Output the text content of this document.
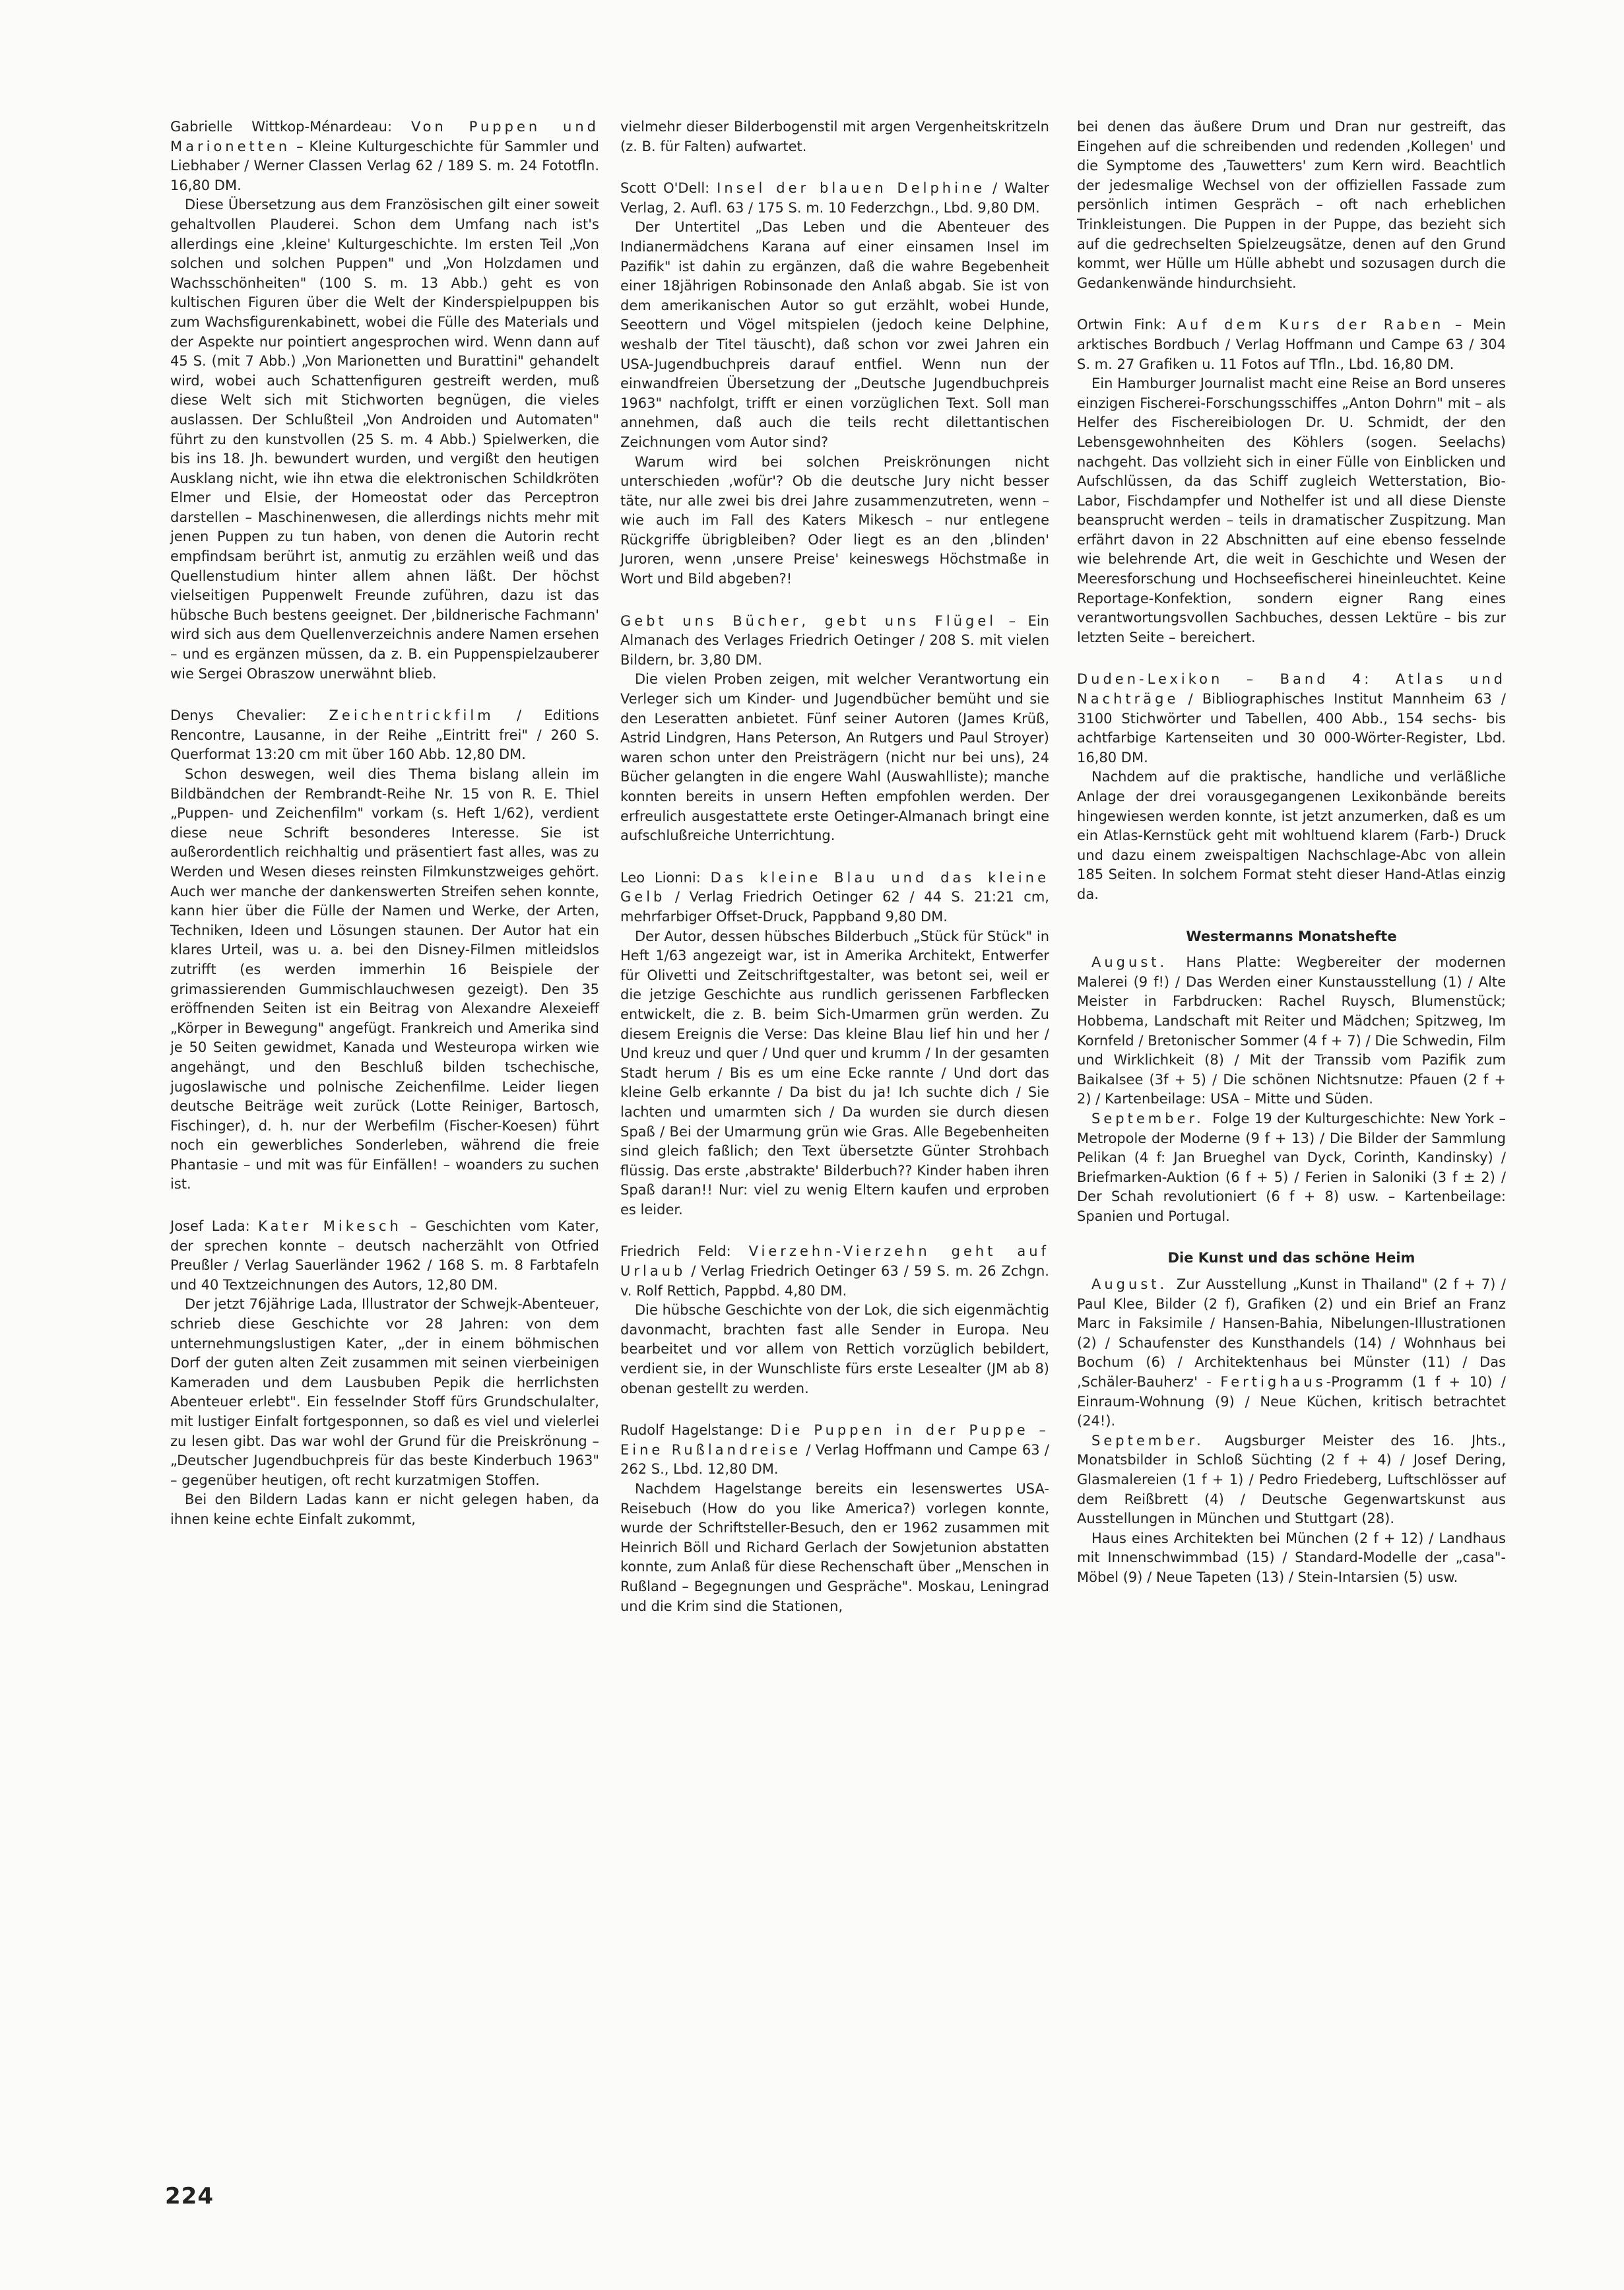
Gabrielle Wittkop-Ménardeau: Von Puppen und Marionetten – Kleine Kulturgeschichte für Sammler und Liebhaber / Werner Classen Verlag 62 / 189 S. m. 24 Fototfln. 16,80 DM.

Diese Übersetzung aus dem Französischen gilt einer soweit gehaltvollen Plauderei. Schon dem Umfang nach ist's allerdings eine ‚kleine' Kulturgeschichte. Im ersten Teil „Von solchen und solchen Puppen" und „Von Holzdamen und Wachsschönheiten" (100 S. m. 13 Abb.) geht es von kultischen Figuren über die Welt der Kinderspielpuppen bis zum Wachsfigurenkabinett, wobei die Fülle des Materials und der Aspekte nur pointiert angesprochen wird. Wenn dann auf 45 S. (mit 7 Abb.) „Von Marionetten und Burattini" gehandelt wird, wobei auch Schattenfiguren gestreift werden, muß diese Welt sich mit Stichworten begnügen, die vieles auslassen. Der Schlußteil „Von Androiden und Automaten" führt zu den kunstvollen (25 S. m. 4 Abb.) Spielwerken, die bis ins 18. Jh. bewundert wurden, und vergißt den heutigen Ausklang nicht, wie ihn etwa die elektronischen Schildkröten Elmer und Elsie, der Homeostat oder das Perceptron darstellen – Maschinenwesen, die allerdings nichts mehr mit jenen Puppen zu tun haben, von denen die Autorin recht empfindsam berührt ist, anmutig zu erzählen weiß und das Quellenstudium hinter allem ahnen läßt. Der höchst vielseitigen Puppenwelt Freunde zuführen, dazu ist das hübsche Buch bestens geeignet. Der ‚bildnerische Fachmann' wird sich aus dem Quellenverzeichnis andere Namen ersehen – und es ergänzen müssen, da z. B. ein Puppenspielzauberer wie Sergei Obraszow unerwähnt blieb.

Denys Chevalier: Zeichentrickfilm / Editions Rencontre, Lausanne, in der Reihe „Eintritt frei" / 260 S. Querformat 13:20 cm mit über 160 Abb. 12,80 DM.

Schon deswegen, weil dies Thema bislang allein im Bildbändchen der Rembrandt-Reihe Nr. 15 von R. E. Thiel „Puppen- und Zeichenfilm" vorkam (s. Heft 1/62), verdient diese neue Schrift besonderes Interesse. Sie ist außerordentlich reichhaltig und präsentiert fast alles, was zu Werden und Wesen dieses reinsten Filmkunstzweiges gehört. Auch wer manche der dankenswerten Streifen sehen konnte, kann hier über die Fülle der Namen und Werke, der Arten, Techniken, Ideen und Lösungen staunen. Der Autor hat ein klares Urteil, was u. a. bei den Disney-Filmen mitleidslos zutrifft (es werden immerhin 16 Beispiele der grimassierenden Gummischlauchwesen gezeigt). Den 35 eröffnenden Seiten ist ein Beitrag von Alexandre Alexeieff „Körper in Bewegung" angefügt. Frankreich und Amerika sind je 50 Seiten gewidmet, Kanada und Westeuropa wirken wie angehängt, und den Beschluß bilden tschechische, jugoslawische und polnische Zeichenfilme. Leider liegen deutsche Beiträge weit zurück (Lotte Reiniger, Bartosch, Fischinger), d. h. nur der Werbefilm (Fischer-Koesen) führt noch ein gewerbliches Sonderleben, während die freie Phantasie – und mit was für Einfällen! – woanders zu suchen ist.

Josef Lada: Kater Mikesch – Geschichten vom Kater, der sprechen konnte – deutsch nacherzählt von Otfried Preußler / Verlag Sauerländer 1962 / 168 S. m. 8 Farbtafeln und 40 Textzeichnungen des Autors, 12,80 DM.

Der jetzt 76jährige Lada, Illustrator der Schwejk-Abenteuer, schrieb diese Geschichte vor 28 Jahren: von dem unternehmungslustigen Kater, „der in einem böhmischen Dorf der guten alten Zeit zusammen mit seinen vierbeinigen Kameraden und dem Lausbuben Pepik die herrlichsten Abenteuer erlebt". Ein fesselnder Stoff fürs Grundschulalter, mit lustiger Einfalt fortgesponnen, so daß es viel und vielerlei zu lesen gibt. Das war wohl der Grund für die Preiskrönung – „Deutscher Jugendbuchpreis für das beste Kinderbuch 1963" – gegenüber heutigen, oft recht kurzatmigen Stoffen.

Bei den Bildern Ladas kann er nicht gelegen haben, da ihnen keine echte Einfalt zukommt,

vielmehr dieser Bilderbogenstil mit argen Vergenheitskritzeln (z. B. für Falten) aufwartet.

Scott O'Dell: Insel der blauen Delphine / Walter Verlag, 2. Aufl. 63 / 175 S. m. 10 Federzchgn., Lbd. 9,80 DM.

Der Untertitel „Das Leben und die Abenteuer des Indianermädchens Karana auf einer einsamen Insel im Pazifik" ist dahin zu ergänzen, daß die wahre Begebenheit einer 18jährigen Robinsonade den Anlaß abgab. Sie ist von dem amerikanischen Autor so gut erzählt, wobei Hunde, Seeottern und Vögel mitspielen (jedoch keine Delphine, weshalb der Titel täuscht), daß schon vor zwei Jahren ein USA-Jugendbuchpreis darauf entfiel. Wenn nun der einwandfreien Übersetzung der „Deutsche Jugendbuchpreis 1963" nachfolgt, trifft er einen vorzüglichen Text. Soll man annehmen, daß auch die teils recht dilettantischen Zeichnungen vom Autor sind?

Warum wird bei solchen Preiskrönungen nicht unterschieden ‚wofür'? Ob die deutsche Jury nicht besser täte, nur alle zwei bis drei Jahre zusammenzutreten, wenn – wie auch im Fall des Katers Mikesch – nur entlegene Rückgriffe übrigbleiben? Oder liegt es an den ‚blinden' Juroren, wenn ‚unsere Preise' keineswegs Höchstmaße in Wort und Bild abgeben?!

Gebt uns Bücher, gebt uns Flügel – Ein Almanach des Verlages Friedrich Oetinger / 208 S. mit vielen Bildern, br. 3,80 DM.

Die vielen Proben zeigen, mit welcher Verantwortung ein Verleger sich um Kinder- und Jugendbücher bemüht und sie den Leseratten anbietet. Fünf seiner Autoren (James Krüß, Astrid Lindgren, Hans Peterson, An Rutgers und Paul Stroyer) waren schon unter den Preisträgern (nicht nur bei uns), 24 Bücher gelangten in die engere Wahl (Auswahlliste); manche konnten bereits in unsern Heften empfohlen werden. Der erfreulich ausgestattete erste Oetinger-Almanach bringt eine aufschlußreiche Unterrichtung.

Leo Lionni: Das kleine Blau und das kleine Gelb / Verlag Friedrich Oetinger 62 / 44 S. 21:21 cm, mehrfarbiger Offset-Druck, Pappband 9,80 DM.

Der Autor, dessen hübsches Bilderbuch „Stück für Stück" in Heft 1/63 angezeigt war, ist in Amerika Architekt, Entwerfer für Olivetti und Zeitschriftgestalter, was betont sei, weil er die jetzige Geschichte aus rundlich gerissenen Farbflecken entwickelt, die z. B. beim Sich-Umarmen grün werden. Zu diesem Ereignis die Verse: Das kleine Blau lief hin und her / Und kreuz und quer / Und quer und krumm / In der gesamten Stadt herum / Bis es um eine Ecke rannte / Und dort das kleine Gelb erkannte / Da bist du ja! Ich suchte dich / Sie lachten und umarmten sich / Da wurden sie durch diesen Spaß / Bei der Umarmung grün wie Gras. Alle Begebenheiten sind gleich faßlich; den Text übersetzte Günter Strohbach flüssig. Das erste ‚abstrakte' Bilderbuch?? Kinder haben ihren Spaß daran!! Nur: viel zu wenig Eltern kaufen und erproben es leider.

Friedrich Feld: Vierzehn-Vierzehn geht auf Urlaub / Verlag Friedrich Oetinger 63 / 59 S. m. 26 Zchgn. v. Rolf Rettich, Pappbd. 4,80 DM.

Die hübsche Geschichte von der Lok, die sich eigenmächtig davonmacht, brachten fast alle Sender in Europa. Neu bearbeitet und vor allem von Rettich vorzüglich bebildert, verdient sie, in der Wunschliste fürs erste Lesealter (JM ab 8) obenan gestellt zu werden.

Rudolf Hagelstange: Die Puppen in der Puppe – Eine Rußlandreise / Verlag Hoffmann und Campe 63 / 262 S., Lbd. 12,80 DM.

Nachdem Hagelstange bereits ein lesenswertes USA-Reisebuch (How do you like America?) vorlegen konnte, wurde der Schriftsteller-Besuch, den er 1962 zusammen mit Heinrich Böll und Richard Gerlach der Sowjetunion abstatten konnte, zum Anlaß für diese Rechenschaft über „Menschen in Rußland – Begegnungen und Gespräche". Moskau, Leningrad und die Krim sind die Stationen,

bei denen das äußere Drum und Dran nur gestreift, das Eingehen auf die schreibenden und redenden ‚Kollegen' und die Symptome des ‚Tauwetters' zum Kern wird. Beachtlich der jedesmalige Wechsel von der offiziellen Fassade zum persönlich intimen Gespräch – oft nach erheblichen Trinkleistungen. Die Puppen in der Puppe, das bezieht sich auf die gedrechselten Spielzeugsätze, denen auf den Grund kommt, wer Hülle um Hülle abhebt und sozusagen durch die Gedankenwände hindurchsieht.

Ortwin Fink: Auf dem Kurs der Raben – Mein arktisches Bordbuch / Verlag Hoffmann und Campe 63 / 304 S. m. 27 Grafiken u. 11 Fotos auf Tfln., Lbd. 16,80 DM.

Ein Hamburger Journalist macht eine Reise an Bord unseres einzigen Fischerei-Forschungsschiffes „Anton Dohrn" mit – als Helfer des Fischereibiologen Dr. U. Schmidt, der den Lebensgewohnheiten des Köhlers (sogen. Seelachs) nachgeht. Das vollzieht sich in einer Fülle von Einblicken und Aufschlüssen, da das Schiff zugleich Wetterstation, Bio-Labor, Fischdampfer und Nothelfer ist und all diese Dienste beansprucht werden – teils in dramatischer Zuspitzung. Man erfährt davon in 22 Abschnitten auf eine ebenso fesselnde wie belehrende Art, die weit in Geschichte und Wesen der Meeresforschung und Hochseefischerei hineinleuchtet. Keine Reportage-Konfektion, sondern eigner Rang eines verantwortungsvollen Sachbuches, dessen Lektüre – bis zur letzten Seite – bereichert.

Duden-Lexikon – Band 4: Atlas und Nachträge / Bibliographisches Institut Mannheim 63 / 3100 Stichwörter und Tabellen, 400 Abb., 154 sechs- bis achtfarbige Kartenseiten und 30 000-Wörter-Register, Lbd. 16,80 DM.

Nachdem auf die praktische, handliche und verläßliche Anlage der drei vorausgegangenen Lexikonbände bereits hingewiesen werden konnte, ist jetzt anzumerken, daß es um ein Atlas-Kernstück geht mit wohltuend klarem (Farb-) Druck und dazu einem zweispaltigen Nachschlage-Abc von allein 185 Seiten. In solchem Format steht dieser Hand-Atlas einzig da.

Westermanns Monatshefte

August. Hans Platte: Wegbereiter der modernen Malerei (9 f!) / Das Werden einer Kunstausstellung (1) / Alte Meister in Farbdrucken: Rachel Ruysch, Blumenstück; Hobbema, Landschaft mit Reiter und Mädchen; Spitzweg, Im Kornfeld / Bretonischer Sommer (4 f + 7) / Die Schwedin, Film und Wirklichkeit (8) / Mit der Transsib vom Pazifik zum Baikalsee (3f + 5) / Die schönen Nichtsnutze: Pfauen (2 f + 2) / Kartenbeilage: USA – Mitte und Süden.

September. Folge 19 der Kulturgeschichte: New York – Metropole der Moderne (9 f + 13) / Die Bilder der Sammlung Pelikan (4 f: Jan Brueghel van Dyck, Corinth, Kandinsky) / Briefmarken-Auktion (6 f + 5) / Ferien in Saloniki (3 f ± 2) / Der Schah revolutioniert (6 f + 8) usw. – Kartenbeilage: Spanien und Portugal.

Die Kunst und das schöne Heim

August. Zur Ausstellung „Kunst in Thailand" (2 f + 7) / Paul Klee, Bilder (2 f), Grafiken (2) und ein Brief an Franz Marc in Faksimile / Hansen-Bahia, Nibelungen-Illustrationen (2) / Schaufenster des Kunsthandels (14) / Wohnhaus bei Bochum (6) / Architektenhaus bei Münster (11) / Das ‚Schäler-Bauherz' - Fertighaus-Programm (1 f + 10) / Einraum-Wohnung (9) / Neue Küchen, kritisch betrachtet (24!).

September. Augsburger Meister des 16. Jhts., Monatsbilder in Schloß Süchting (2 f + 4) / Josef Dering, Glasmalereien (1 f + 1) / Pedro Friedeberg, Luftschlösser auf dem Reißbrett (4) / Deutsche Gegenwartskunst aus Ausstellungen in München und Stuttgart (28).

Haus eines Architekten bei München (2 f + 12) / Landhaus mit Innenschwimmbad (15) / Standard-Modelle der „casa"-Möbel (9) / Neue Tapeten (13) / Stein-Intarsien (5) usw.

224
